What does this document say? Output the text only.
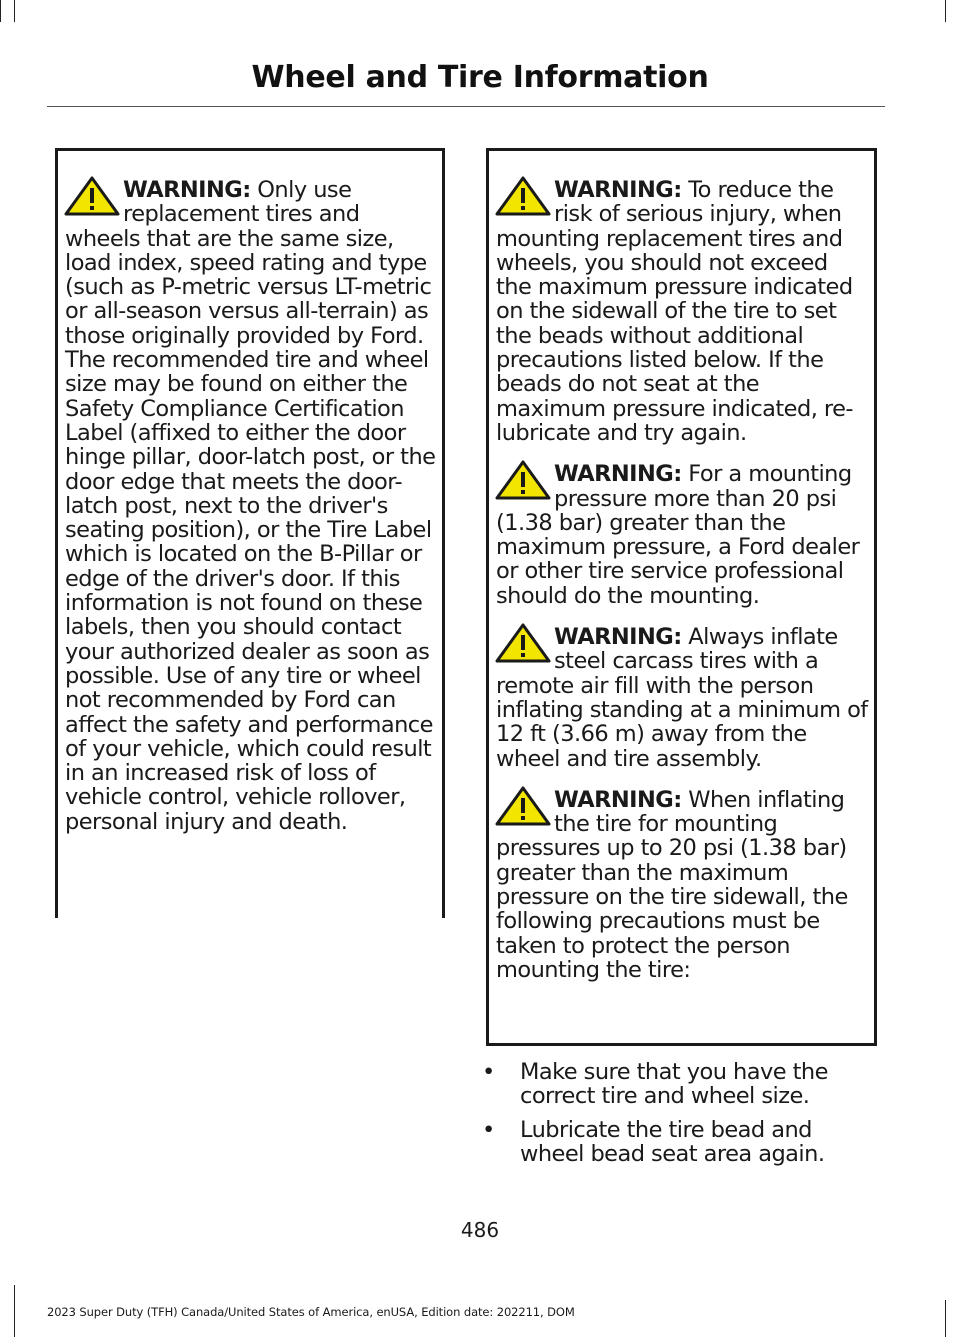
Wheel and Tire Information

WARNING: Only use replacement tires and wheels that are the same size, load index, speed rating and type (such as P-metric versus LT-metric or all-season versus all-terrain) as those originally provided by Ford. The recommended tire and wheel size may be found on either the Safety Compliance Certification Label (affixed to either the door hinge pillar, door-latch post, or the door edge that meets the door-latch post, next to the driver's seating position), or the Tire Label which is located on the B-Pillar or edge of the driver's door. If this information is not found on these labels, then you should contact your authorized dealer as soon as possible. Use of any tire or wheel not recommended by Ford can affect the safety and performance of your vehicle, which could result in an increased risk of loss of vehicle control, vehicle rollover, personal injury and death.

WARNING: To reduce the risk of serious injury, when mounting replacement tires and wheels, you should not exceed the maximum pressure indicated on the sidewall of the tire to set the beads without additional precautions listed below. If the beads do not seat at the maximum pressure indicated, re-lubricate and try again.

WARNING: For a mounting pressure more than 20 psi (1.38 bar) greater than the maximum pressure, a Ford dealer or other tire service professional should do the mounting.

WARNING: Always inflate steel carcass tires with a remote air fill with the person inflating standing at a minimum of 12 ft (3.66 m) away from the wheel and tire assembly.

WARNING: When inflating the tire for mounting pressures up to 20 psi (1.38 bar) greater than the maximum pressure on the tire sidewall, the following precautions must be taken to protect the person mounting the tire:

• Make sure that you have the correct tire and wheel size.
• Lubricate the tire bead and wheel bead seat area again.
486
2023 Super Duty (TFH) Canada/United States of America, enUSA, Edition date: 202211, DOM
